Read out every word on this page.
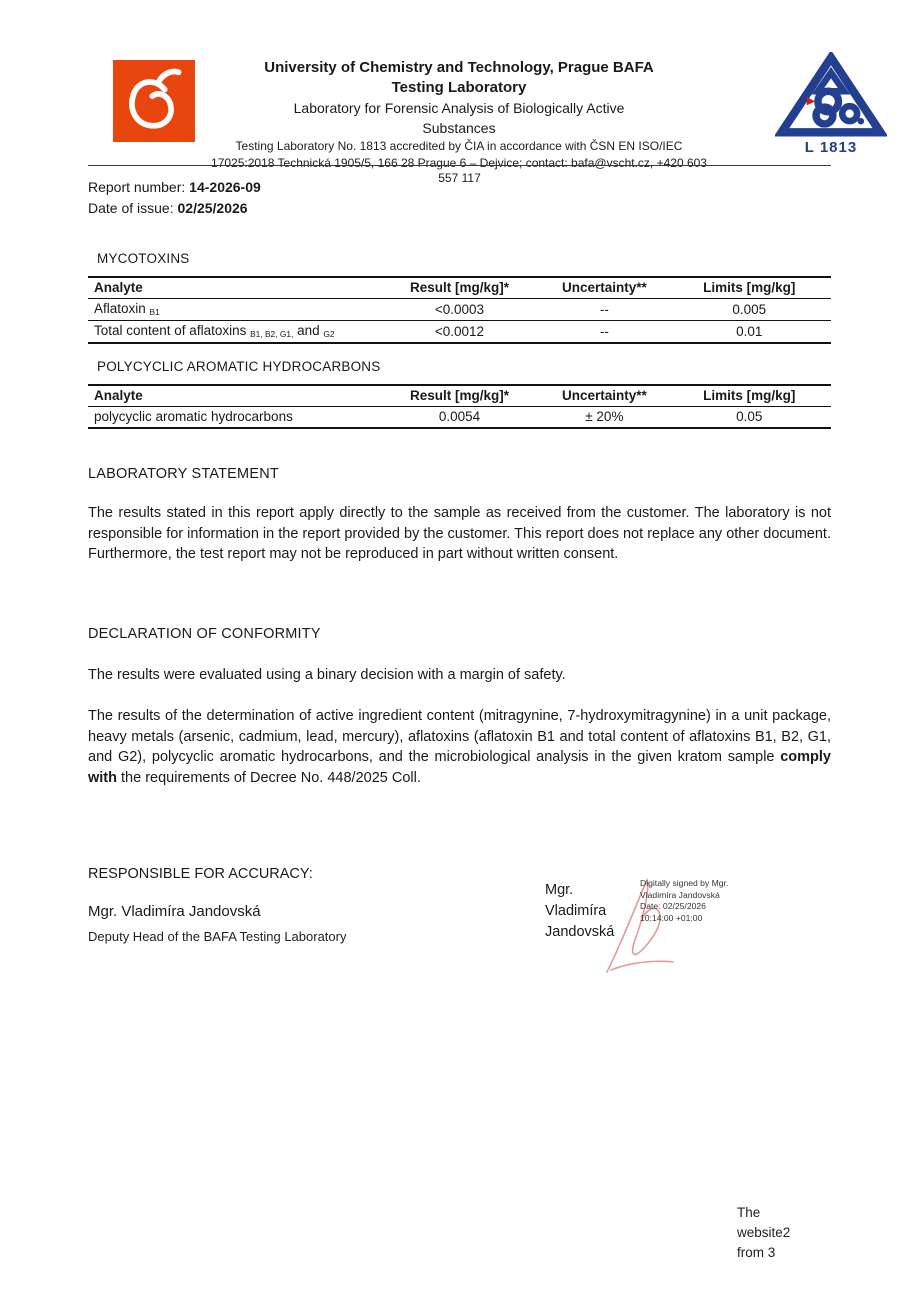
University of Chemistry and Technology, Prague BAFA
Testing Laboratory
Laboratory for Forensic Analysis of Biologically Active
Substances
Testing Laboratory No. 1813 accredited by ČIA in accordance with ČSN EN ISO/IEC
17025:2018 Technická 1905/5, 166 28 Prague 6 – Dejvice; contact: bafa@vscht.cz, +420 603
L 1813
557 117
Report number: 14-2026-09
Date of issue: 02/25/2026
MYCOTOXINS
Analyte	Result [mg/kg]*	Uncertainty**	Limits [mg/kg]
Aflatoxin $_{B1}$	<0.0003	--	0.005
Total content of aflatoxins $_{B1, B2, G1,}$ and $_{G2}$	<0.0012	--	0.01
POLYCYCLIC AROMATIC HYDROCARBONS
Analyte	Result [mg/kg]*	Uncertainty**	Limits [mg/kg]
polycyclic aromatic hydrocarbons	0.0054	± 20%	0.05
LABORATORY STATEMENT
The results stated in this report apply directly to the sample as received from the customer. The laboratory is not responsible for information in the report provided by the customer. This report does not replace any other document. Furthermore, the test report may not be reproduced in part without written consent.
DECLARATION OF CONFORMITY
The results were evaluated using a binary decision with a margin of safety.
The results of the determination of active ingredient content (mitragynine, 7-hydroxymitragynine) in a unit package, heavy metals (arsenic, cadmium, lead, mercury), aflatoxins (aflatoxin B1 and total content of aflatoxins B1, B2, G1, and G2), polycyclic aromatic hydrocarbons, and the microbiological analysis in the given kratom sample comply with the requirements of Decree No. 448/2025 Coll.
RESPONSIBLE FOR ACCURACY:
Mgr. Vladimíra Jandovská
Deputy Head of the BAFA Testing Laboratory
Mgr.
Vladimíra
Jandovská
Digitally signed by Mgr.
Vladimíra Jandovská
Date: 02/25/2026
10:14:00 +01:00
The
website2
from 3
